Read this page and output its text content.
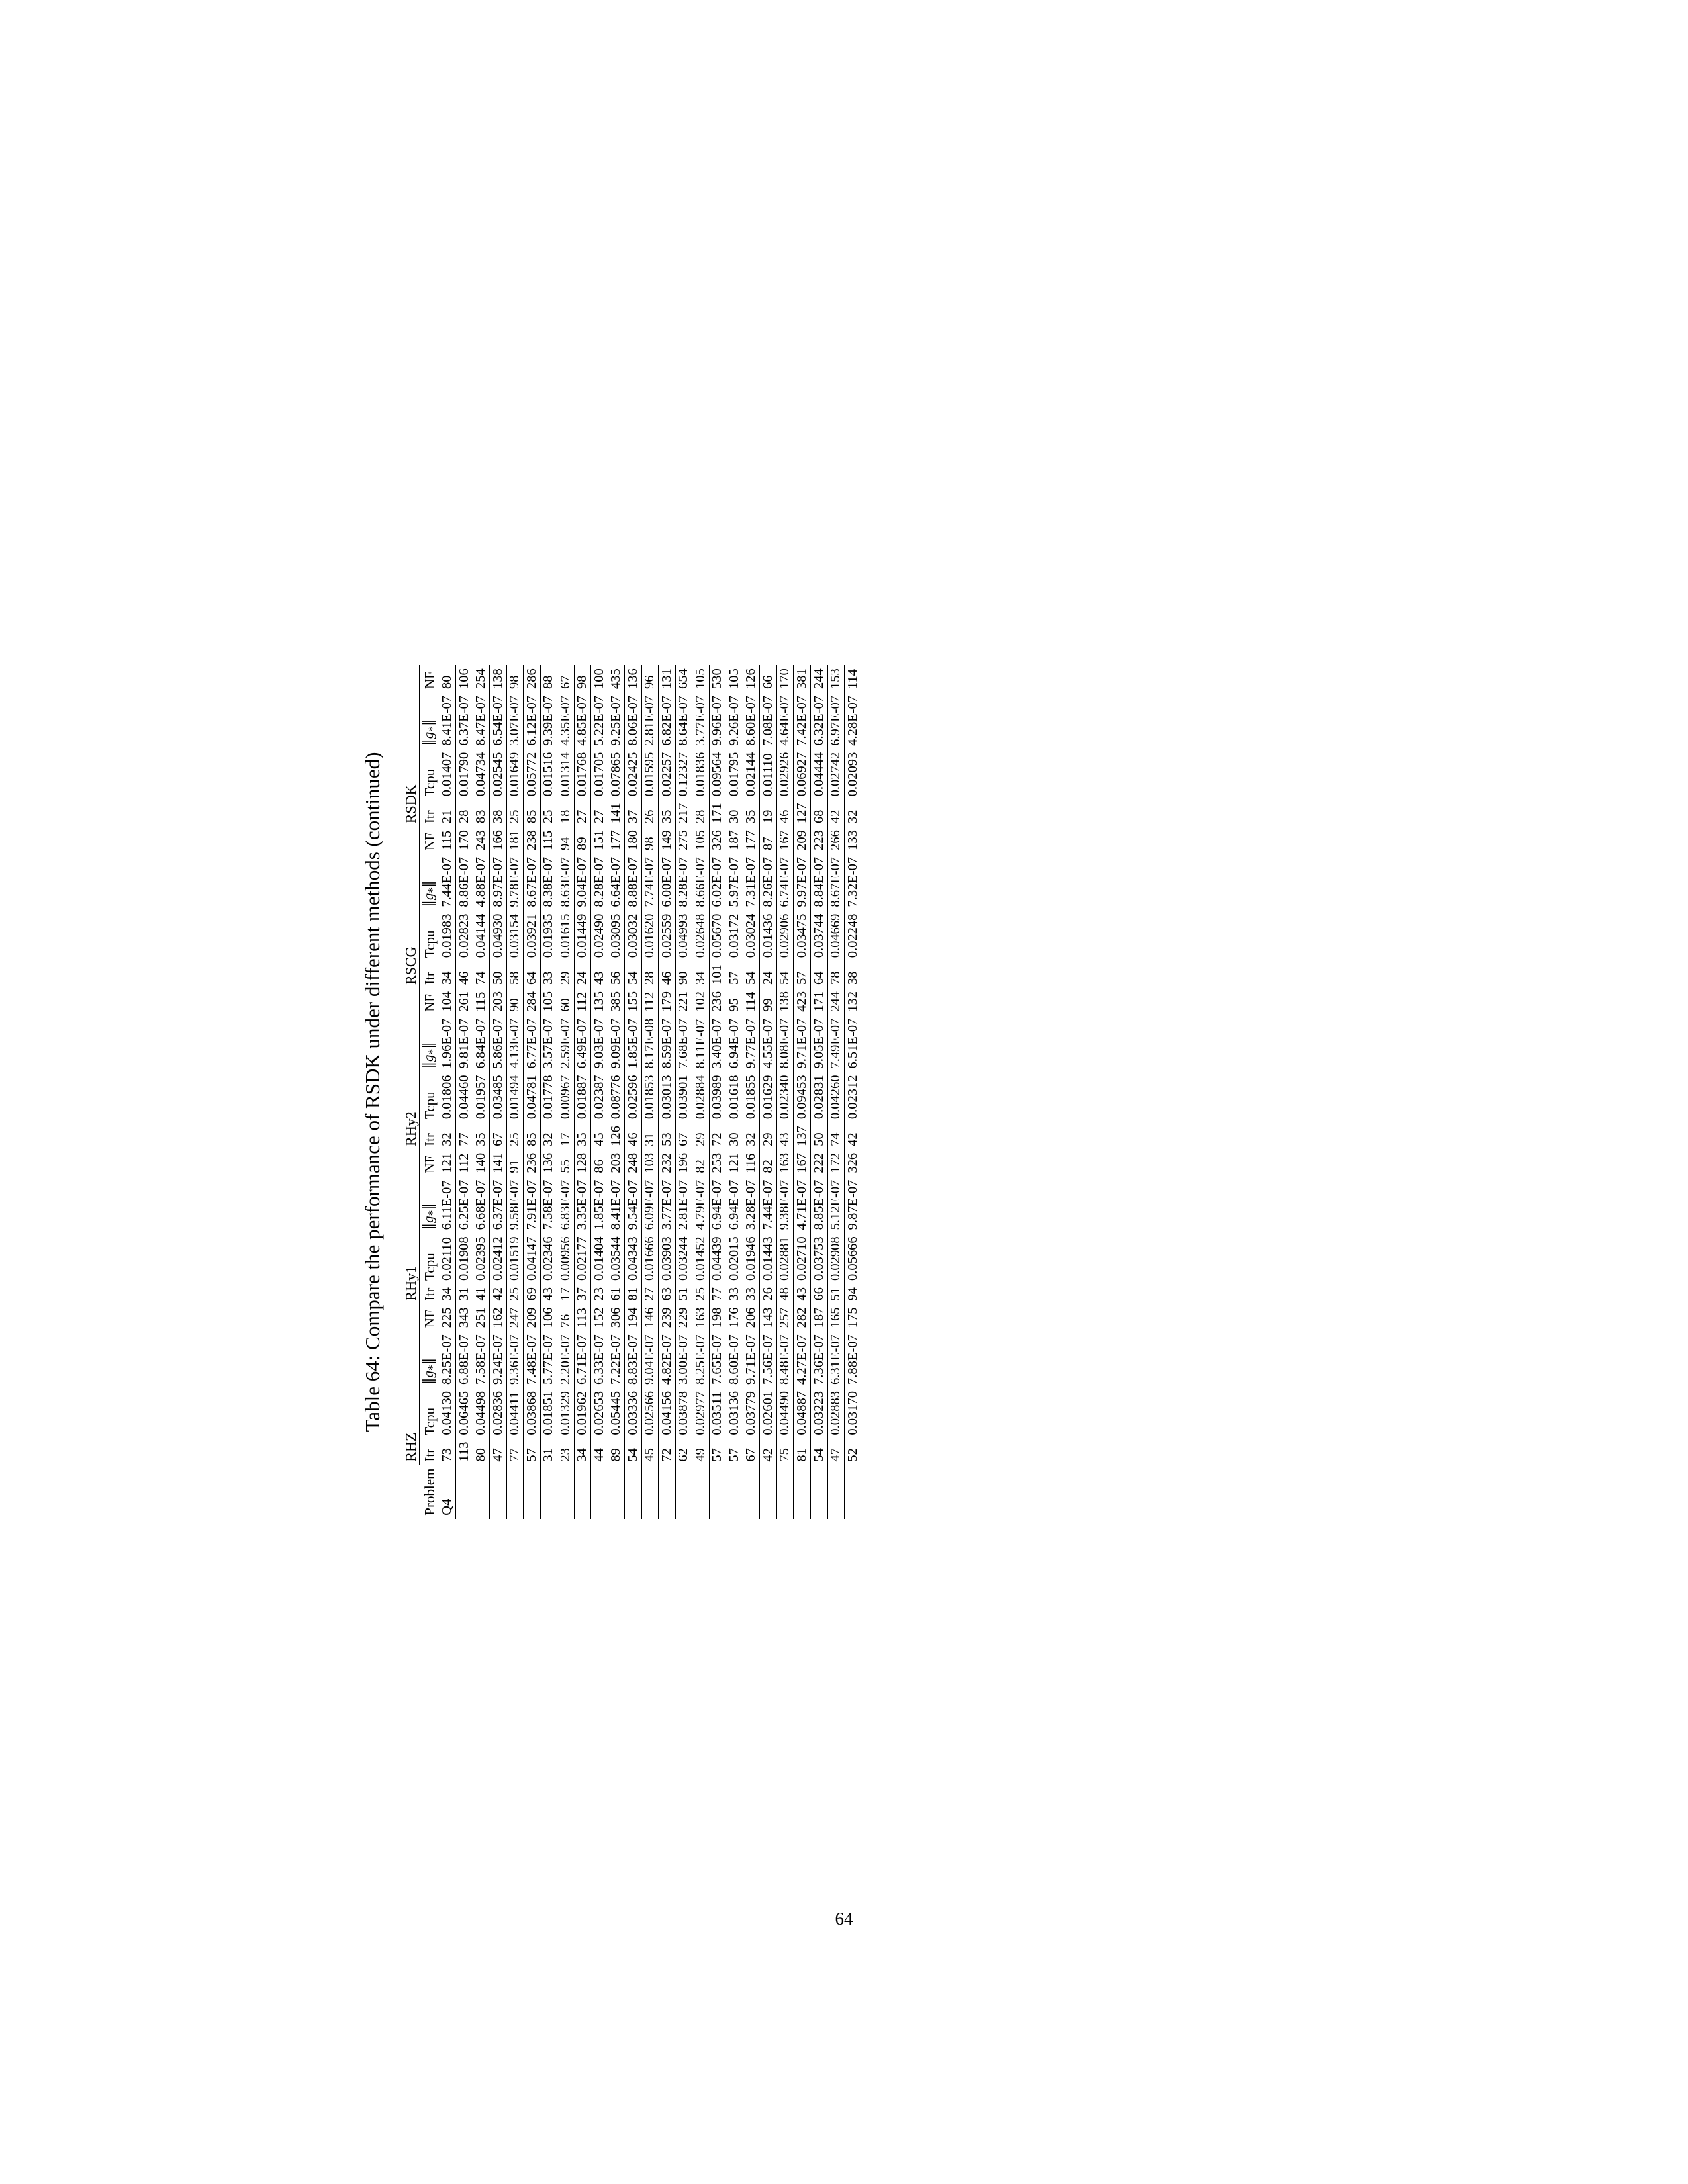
Table 64: Compare the performance of RSDK under different methods (continued)
	RHZ				RHy1				RHy2				RSCG				RSDK			
Problem	Itr	Tcpu	$\parallel g_*\parallel$	NF	Itr	Tcpu	$\parallel g_*\parallel$	NF	Itr	Tcpu	$\parallel g_*\parallel$	NF	Itr	Tcpu	$\parallel g_*\parallel$	NF	Itr	Tcpu	$\parallel g_*\parallel$	NF
Q4	73	0.04130	8.25E-07	225	34	0.02110	6.11E-07	121	32	0.01806	1.96E-07	104	34	0.01983	7.44E-07	115	21	0.01407	8.41E-07	80
	113	0.06465	6.88E-07	343	31	0.01908	6.25E-07	112	77	0.04460	9.81E-07	261	46	0.02823	8.86E-07	170	28	0.01790	6.37E-07	106
	80	0.04498	7.58E-07	251	41	0.02395	6.68E-07	140	35	0.01957	6.84E-07	115	74	0.04144	4.88E-07	243	83	0.04734	8.47E-07	254
	47	0.02836	9.24E-07	162	42	0.02412	6.37E-07	141	67	0.03485	5.86E-07	203	50	0.04930	8.97E-07	166	38	0.02545	6.54E-07	138
	77	0.04411	9.36E-07	247	25	0.01519	9.58E-07	91	25	0.01494	4.13E-07	90	58	0.03154	9.78E-07	181	25	0.01649	3.07E-07	98
	57	0.03868	7.48E-07	209	69	0.04147	7.91E-07	236	85	0.04781	6.77E-07	284	64	0.03921	8.67E-07	238	85	0.05772	6.12E-07	286
	31	0.01851	5.77E-07	106	43	0.02346	7.58E-07	136	32	0.01778	3.57E-07	105	33	0.01935	8.38E-07	115	25	0.01516	9.39E-07	88
	23	0.01329	2.20E-07	76	17	0.00956	6.83E-07	55	17	0.00967	2.59E-07	60	29	0.01615	8.63E-07	94	18	0.01314	4.35E-07	67
	34	0.01962	6.71E-07	113	37	0.02177	3.35E-07	128	35	0.01887	6.49E-07	112	24	0.01449	9.04E-07	89	27	0.01768	4.85E-07	98
	44	0.02653	6.33E-07	152	23	0.01404	1.85E-07	86	45	0.02387	9.03E-07	135	43	0.02490	8.28E-07	151	27	0.01705	5.22E-07	100
	89	0.05445	7.22E-07	306	61	0.03544	8.41E-07	203	126	0.08776	9.09E-07	385	56	0.03095	6.64E-07	177	141	0.07865	9.25E-07	435
	54	0.03336	8.83E-07	194	81	0.04343	9.54E-07	248	46	0.02596	1.85E-07	155	54	0.03032	8.88E-07	180	37	0.02425	8.06E-07	136
	45	0.02566	9.04E-07	146	27	0.01666	6.09E-07	103	31	0.01853	8.17E-08	112	28	0.01620	7.74E-07	98	26	0.01595	2.81E-07	96
	72	0.04156	4.82E-07	239	63	0.03903	3.77E-07	232	53	0.03013	8.59E-07	179	46	0.02559	6.00E-07	149	35	0.02257	6.82E-07	131
	62	0.03878	3.00E-07	229	51	0.03244	2.81E-07	196	67	0.03901	7.68E-07	221	90	0.04993	8.28E-07	275	217	0.12327	8.64E-07	654
	49	0.02977	8.25E-07	163	25	0.01452	4.79E-07	82	29	0.02884	8.11E-07	102	34	0.02648	8.66E-07	105	28	0.01836	3.77E-07	105
	57	0.03511	7.65E-07	198	77	0.04439	6.94E-07	253	72	0.03989	3.40E-07	236	101	0.05670	6.02E-07	326	171	0.09564	9.96E-07	530
	57	0.03136	8.60E-07	176	33	0.02015	6.94E-07	121	30	0.01618	6.94E-07	95	57	0.03172	5.97E-07	187	30	0.01795	9.26E-07	105
	67	0.03779	9.71E-07	206	33	0.01946	3.28E-07	116	32	0.01855	9.77E-07	114	54	0.03024	7.31E-07	177	35	0.02144	8.60E-07	126
	42	0.02601	7.56E-07	143	26	0.01443	7.44E-07	82	29	0.01629	4.55E-07	99	24	0.01436	8.26E-07	87	19	0.01110	7.08E-07	66
	75	0.04490	8.48E-07	257	48	0.02881	9.38E-07	163	43	0.02340	8.08E-07	138	54	0.02906	6.74E-07	167	46	0.02926	4.64E-07	170
	81	0.04887	4.27E-07	282	43	0.02710	4.71E-07	167	137	0.09453	9.71E-07	423	57	0.03475	9.97E-07	209	127	0.06927	7.42E-07	381
	54	0.03223	7.36E-07	187	66	0.03753	8.85E-07	222	50	0.02831	9.05E-07	171	64	0.03744	8.84E-07	223	68	0.04444	6.32E-07	244
	47	0.02883	6.31E-07	165	51	0.02908	5.12E-07	172	74	0.04260	7.49E-07	244	78	0.04669	8.67E-07	266	42	0.02742	6.97E-07	153
	52	0.03170	7.88E-07	175	94	0.05666	9.87E-07	326	42	0.02312	6.51E-07	132	38	0.02248	7.32E-07	133	32	0.02093	4.28E-07	114
64
